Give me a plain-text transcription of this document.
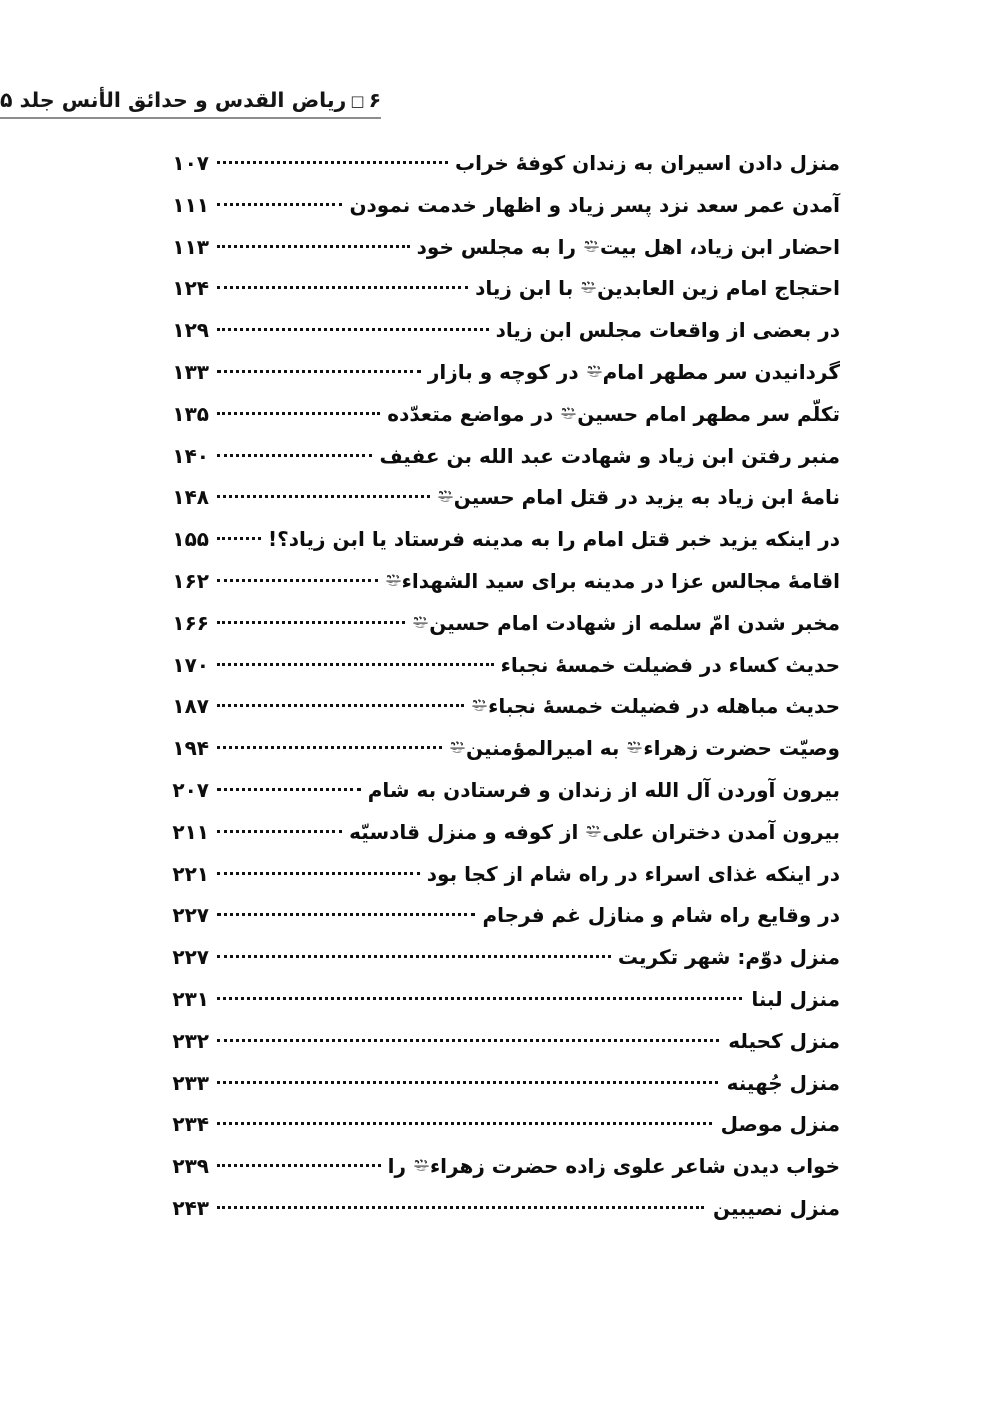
۶□ریاض القدس و حدائق الأنس جلد ۵
منزل دادن اسیران به زندان کوفهٔ خراب
۱۰۷
آمدن عمر سعد نزد پسر زیاد و اظهار خدمت نمودن
۱۱۱
احضار ابن زیاد، اهل بیت
را به مجلس خود
۱۱۳
احتجاج امام زین العابدین
با ابن زیاد
۱۲۴
در بعضی از واقعات مجلس ابن زیاد
۱۲۹
گردانیدن سر مطهر امام
در کوچه و بازار
۱۳۳
تکلّم سر مطهر امام حسین
در مواضع متعدّده
۱۳۵
منبر رفتن ابن زیاد و شهادت عبد الله بن عفیف
۱۴۰
نامهٔ ابن زیاد به یزید در قتل امام حسین
۱۴۸
در اینکه یزید خبر قتل امام را به مدینه فرستاد یا ابن زیاد؟!
۱۵۵
اقامهٔ مجالس عزا در مدینه برای سید الشهداء
۱۶۲
مخبر شدن امّ سلمه از شهادت امام حسین
۱۶۶
حدیث کساء در فضیلت خمسهٔ نجباء
۱۷۰
حدیث مباهله در فضیلت خمسهٔ نجباء
۱۸۷
وصیّت حضرت زهراء
به امیرالمؤمنین
۱۹۴
بیرون آوردن آل الله از زندان و فرستادن به شام
۲۰۷
بیرون آمدن دختران علی
از کوفه و منزل قادسیّه
۲۱۱
در اینکه غذای اسراء در راه شام از کجا بود
۲۲۱
در وقایع راه شام و منازل غم فرجام
۲۲۷
منزل دوّم: شهر تکریت
۲۲۷
منزل لبنا
۲۳۱
منزل کحیله
۲۳۲
منزل جُهینه
۲۳۳
منزل موصل
۲۳۴
خواب دیدن شاعر علوی زاده حضرت زهراء
را
۲۳۹
منزل نصیبین
۲۴۳
